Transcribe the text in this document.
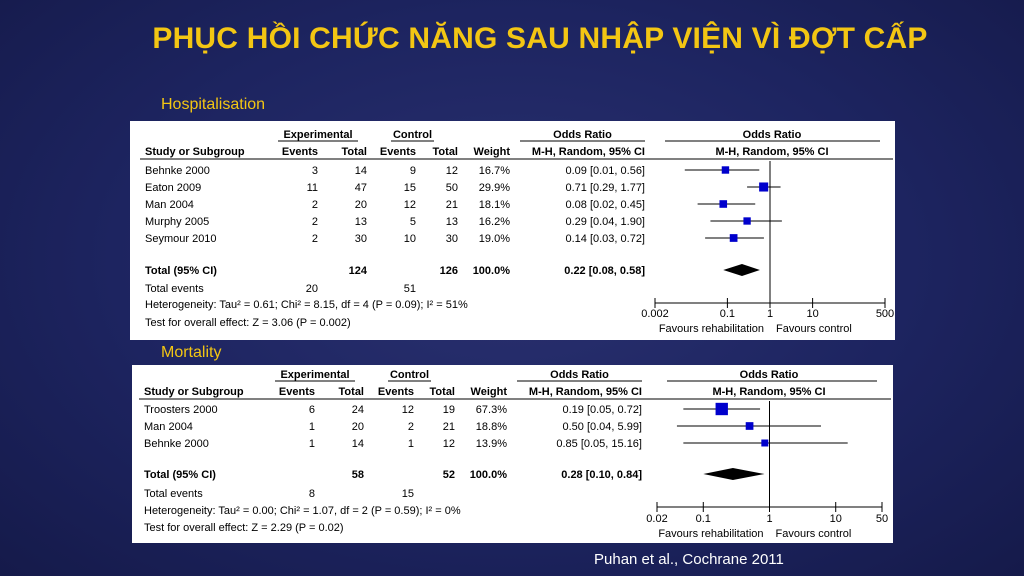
PHỤC HỒI CHỨC NĂNG SAU NHẬP VIỆN VÌ ĐỢT CẤP
Hospitalisation
Experimental	Control	Odds Ratio	Odds Ratio
Study or Subgroup	Events Total Events Total Weight M-H, Random, 95% CI	M-H, Random, 95% CI
Behnke 2000	3	14	9	12 16.7%	0.09 [0.01, 0.56]
Eaton 2009	11	47	15	50 29.9%	0.71 [0.29, 1.77]
Man 2004	2	20	12	21 18.1%	0.08 [0.02, 0.45]
Murphy 2005	2	13	5	13 16.2%	0.29 [0.04, 1.90]
Seymour 2010	2	30	10	30 19.0%	0.14 [0.03, 0.72]
Total (95% CI)	124	126 100.0%	0.22 [0.08, 0.58]
Total events	20	51
Heterogeneity: Tau² = 0.61; Chi² = 8.15, df = 4 (P = 0.09); I² = 51%
Test for overall effect: Z = 3.06 (P = 0.002)
0.002	0.1	1	10	500
Favours rehabilitation Favours control
Mortality
Experimental	Control	Odds Ratio	Odds Ratio
Study or Subgroup	Events Total Events Total Weight M-H, Random, 95% CI	M-H, Random, 95% CI
Troosters 2000	6	24	12	19 67.3%	0.19 [0.05, 0.72]
Man 2004	1	20	2	21 18.8%	0.50 [0.04, 5.99]
Behnke 2000	1	14	1	12 13.9%	0.85 [0.05, 15.16]
Total (95% CI)	58	52 100.0%	0.28 [0.10, 0.84]
Total events	8	15
Heterogeneity: Tau² = 0.00; Chi² = 1.07, df = 2 (P = 0.59); I² = 0%
Test for overall effect: Z = 2.29 (P = 0.02)
0.02	0.1	1	10	50
Favours rehabilitation Favours control
Puhan et al., Cochrane 2011
